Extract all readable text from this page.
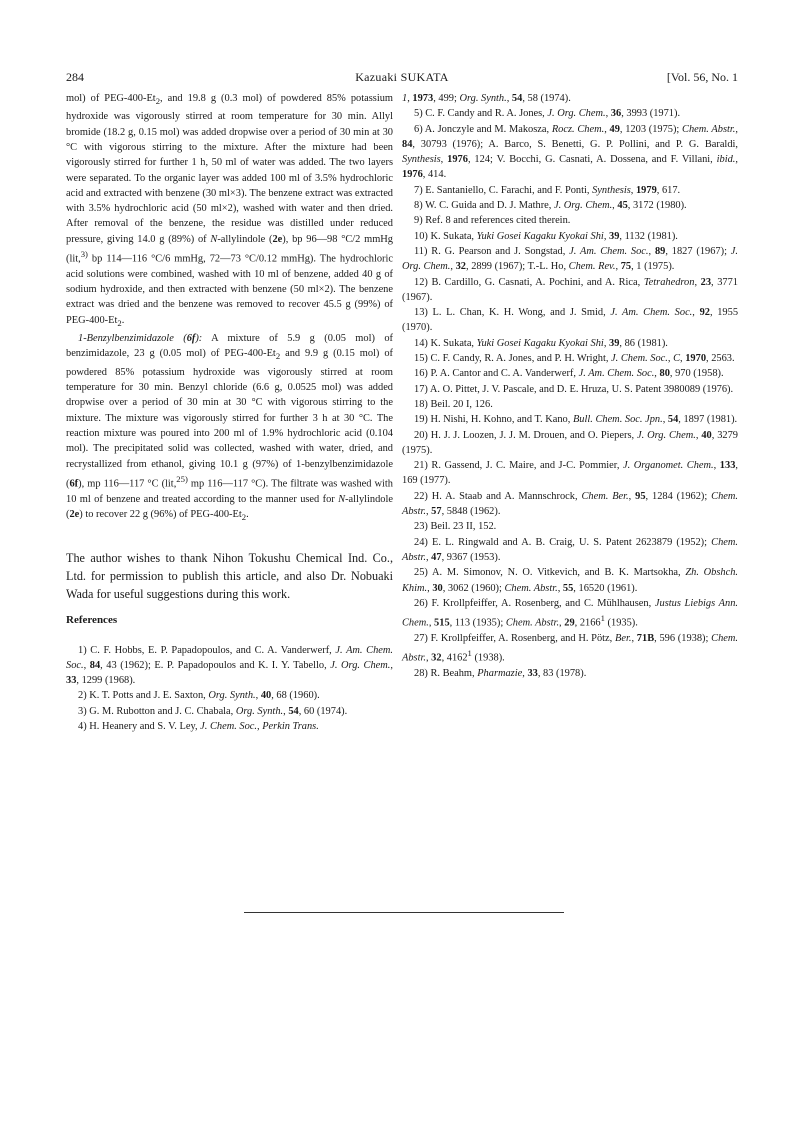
284	Kazuaki SUKATA	[Vol. 56, No. 1

mol) of PEG-$400-Et_2$, and 19.8 g (0.3 mol) of powdered 85% potassium hydroxide was vigorously stirred at room temperature for 30 min. Allyl bromide (18.2 g, 0.15 mol) was added dropwise over a period of 30 min at 30 °C with vigorous stirring to the mixture. After the mixture had been vigorously stirred for further 1 h, 50 ml of water was added. The two layers were separated. To the organic layer was added 100 ml of 3.5% hydrochloric acid and extracted with benzene (30 ml×3). The benzene extract was extracted with 3.5% hydrochloric acid (50 ml×2), washed with water and then dried. After removal of the benzene, the residue was distilled under reduced pressure, giving 14.0 g (89%) of N-allylindole (2e), bp 96—98 °C/2 mmHg (lit,$^{3)}$ bp 114—116 °C/6 mmHg, 72—73 °C/0.12 mmHg). The hydrochloric acid solutions were combined, washed with 10 ml of benzene, added 40 g of sodium hydroxide, and then extracted with benzene (50 ml×2). The benzene extract was dried and the benzene was removed to recover 45.5 g (99%) of PEG-$400-Et_2$.

1-Benzylbenzimidazole (6f): A mixture of 5.9 g (0.05 mol) of benzimidazole, 23 g (0.05 mol) of PEG-$400-Et_2$ and 9.9 g (0.15 mol) of powdered 85% potassium hydroxide was vigorously stirred at room temperature for 30 min. Benzyl chloride (6.6 g, 0.0525 mol) was added dropwise over a period of 30 min at 30 °C with vigorous stirring to the mixture. The mixture was vigorously stirred for further 3 h at 30 °C. The reaction mixture was poured into 200 ml of 1.9% hydrochloric acid (0.104 mol). The precipitated solid was collected, washed with water, dried, and recrystallized from ethanol, giving 10.1 g (97%) of 1-benzylbenzimidazole (6f), mp 116—117 °C (lit,$^{25)}$ mp 116—117 °C). The filtrate was washed with 10 ml of benzene and treated according to the manner used for N-allylindole (2e) to recover 22 g (96%) of PEG-$400-Et_2$.

The author wishes to thank Nihon Tokushu Chemical Ind. Co., Ltd. for permission to publish this article, and also Dr. Nobuaki Wada for useful suggestions during this work.

References

1) C. F. Hobbs, E. P. Papadopoulos, and C. A. Vanderwerf, J. Am. Chem. Soc., 84, 43 (1962); E. P. Papadopoulos and K. I. Y. Tabello, J. Org. Chem., 33, 1299 (1968).

2) K. T. Potts and J. E. Saxton, Org. Synth., 40, 68 (1960).

3) G. M. Rubotton and J. C. Chabala, Org. Synth., 54, 60 (1974).

4) H. Heanery and S. V. Ley, J. Chem. Soc., Perkin Trans.

1, 1973, 499; Org. Synth., 54, 58 (1974).

5) C. F. Candy and R. A. Jones, J. Org. Chem., 36, 3993 (1971).

6) A. Jonczyle and M. Makosza, Rocz. Chem., 49, 1203 (1975); Chem. Abstr., 84, 30793 (1976); A. Barco, S. Benetti, G. P. Pollini, and P. G. Baraldi, Synthesis, 1976, 124; V. Bocchi, G. Casnati, A. Dossena, and F. Villani, ibid., 1976, 414.

7) E. Santaniello, C. Farachi, and F. Ponti, Synthesis, 1979, 617.

8) W. C. Guida and D. J. Mathre, J. Org. Chem., 45, 3172 (1980).

9) Ref. 8 and references cited therein.

10) K. Sukata, Yuki Gosei Kagaku Kyokai Shi, 39, 1132 (1981).

11) R. G. Pearson and J. Songstad, J. Am. Chem. Soc., 89, 1827 (1967); J. Org. Chem., 32, 2899 (1967); T.-L. Ho, Chem. Rev., 75, 1 (1975).

12) B. Cardillo, G. Casnati, A. Pochini, and A. Rica, Tetrahedron, 23, 3771 (1967).

13) L. L. Chan, K. H. Wong, and J. Smid, J. Am. Chem. Soc., 92, 1955 (1970).

14) K. Sukata, Yuki Gosei Kagaku Kyokai Shi, 39, 86 (1981).

15) C. F. Candy, R. A. Jones, and P. H. Wright, J. Chem. Soc., C, 1970, 2563.

16) P. A. Cantor and C. A. Vanderwerf, J. Am. Chem. Soc., 80, 970 (1958).

17) A. O. Pittet, J. V. Pascale, and D. E. Hruza, U. S. Patent 3980089 (1976).

18) Beil. 20 I, 126.

19) H. Nishi, H. Kohno, and T. Kano, Bull. Chem. Soc. Jpn., 54, 1897 (1981).

20) H. J. J. Loozen, J. J. M. Drouen, and O. Piepers, J. Org. Chem., 40, 3279 (1975).

21) R. Gassend, J. C. Maire, and J-C. Pommier, J. Organomet. Chem., 133, 169 (1977).

22) H. A. Staab and A. Mannschrock, Chem. Ber., 95, 1284 (1962); Chem. Abstr., 57, 5848 (1962).

23) Beil. 23 II, 152.

24) E. L. Ringwald and A. B. Craig, U. S. Patent 2623879 (1952); Chem. Abstr., 47, 9367 (1953).

25) A. M. Simonov, N. O. Vitkevich, and B. K. Martsokha, Zh. Obshch. Khim., 30, 3062 (1960); Chem. Abstr., 55, 16520 (1961).

26) F. Krollpfeiffer, A. Rosenberg, and C. Mühlhausen, Justus Liebigs Ann. Chem., 515, 113 (1935); Chem. Abstr., 29, 2166$^1$ (1935).

27) F. Krollpfeiffer, A. Rosenberg, and H. Pötz, Ber., 71B, 596 (1938); Chem. Abstr., 32, 4162$^1$ (1938).

28) R. Beahm, Pharmazie, 33, 83 (1978).
